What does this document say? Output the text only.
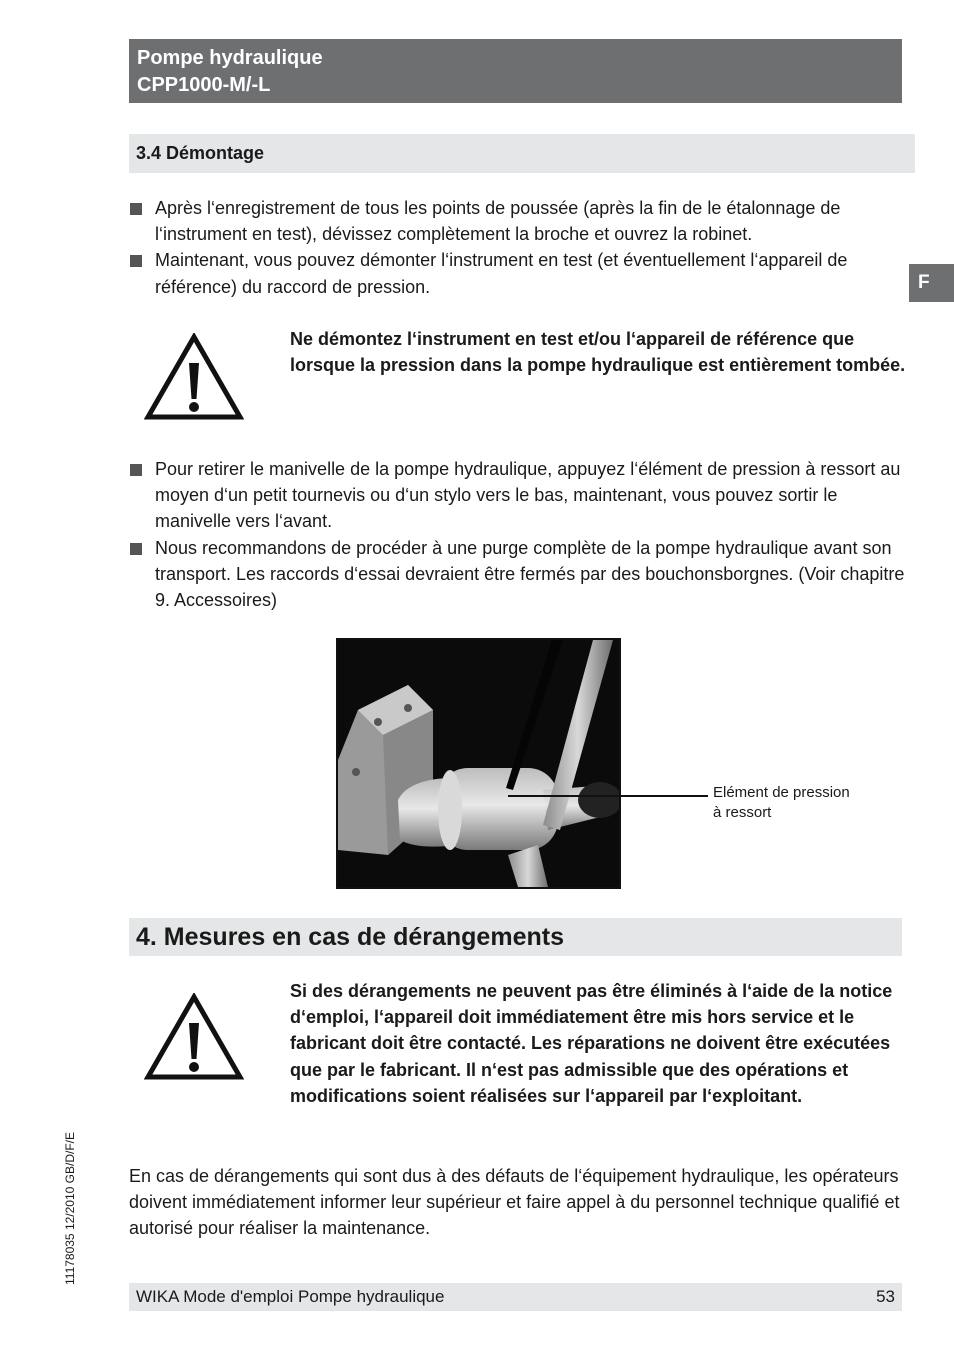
Pompe hydraulique
CPP1000-M/-L
F
3.4 Démontage
Après l‘enregistrement de tous les points de poussée (après la fin de le étalonnage de l‘instrument en test), dévissez complètement la broche et ouvrez la robinet.
Maintenant, vous pouvez démonter l‘instrument en test (et éventuellement l‘appareil de référence) du raccord de pression.
Ne démontez l‘instrument en test et/ou l‘appareil de référence que lorsque la pression dans la pompe hydraulique est entièrement tombée.
Pour retirer le manivelle de la pompe hydraulique, appuyez l‘élément de pression à ressort au moyen d‘un petit tournevis ou d‘un stylo vers le bas, maintenant, vous pouvez sortir le manivelle vers l‘avant.
Nous recommandons de procéder à une purge complète de la pompe hydraulique avant son transport. Les raccords d‘essai devraient être fermés par des bouchonsborgnes. (Voir chapitre 9. Accessoires)
Elément de pression
à ressort
4. Mesures en cas de dérangements
Si des dérangements ne peuvent pas être éliminés à l‘aide de la notice d‘emploi, l‘appareil doit immédiatement être mis hors service et le fabricant doit être contacté. Les réparations ne doivent être exécutées que par le fabricant. Il n‘est pas admissible que des opérations et modifications soient réalisées sur l‘appareil par l‘exploitant.
En cas de dérangements qui sont dus à des défauts de l‘équipement hydraulique, les opérateurs doivent immédiatement informer leur supérieur et faire appel à du personnel technique qualifié et autorisé pour réaliser la maintenance.
11178035 12/2010 GB/D/F/E
WIKA Mode d'emploi Pompe hydraulique	53
